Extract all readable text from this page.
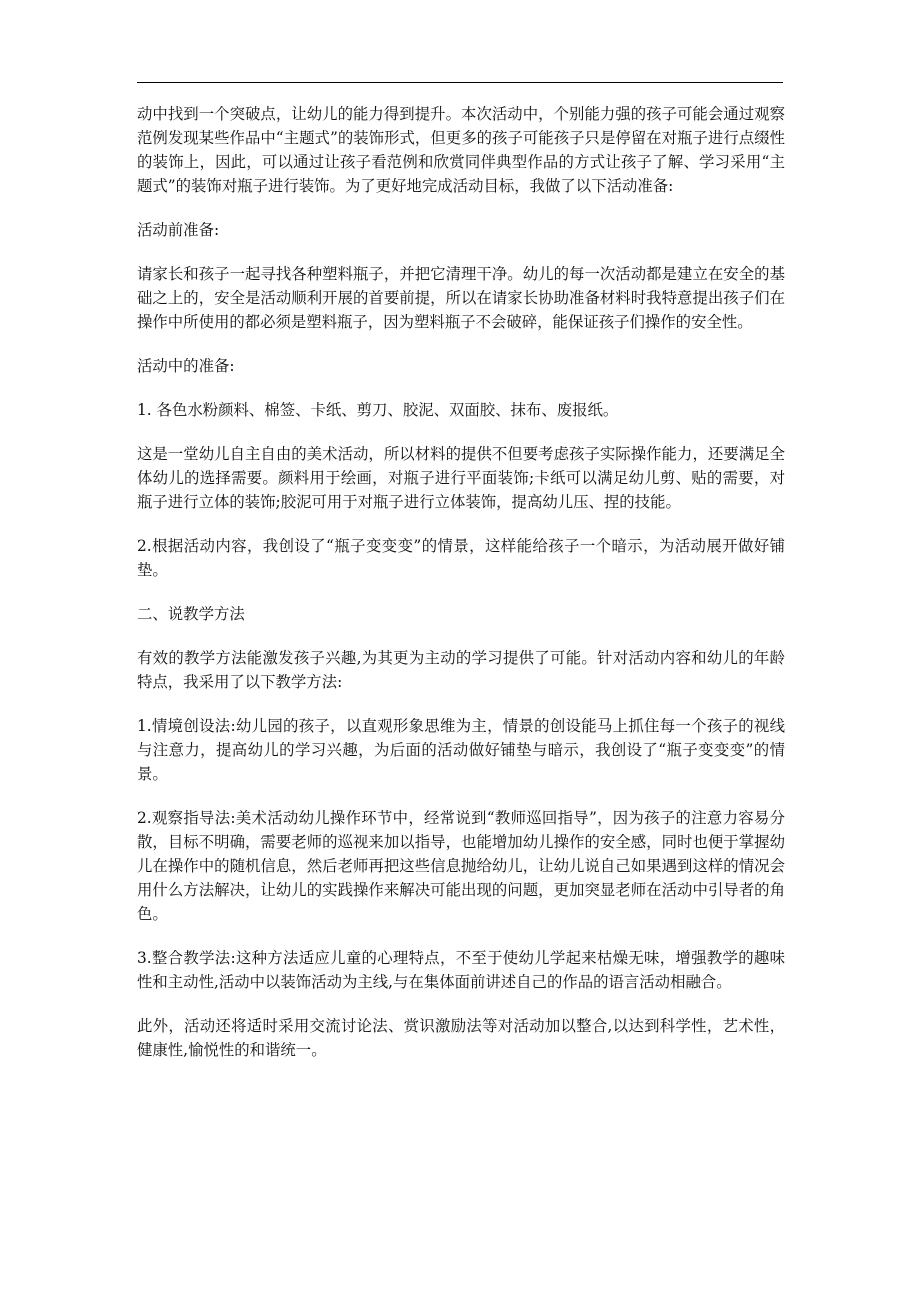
动中找到一个突破点，让幼儿的能力得到提升。本次活动中，个别能力强的孩子可能会通过观察范例发现某些作品中“主题式”的装饰形式，但更多的孩子可能孩子只是停留在对瓶子进行点缀性的装饰上，因此，可以通过让孩子看范例和欣赏同伴典型作品的方式让孩子了解、学习采用“主题式”的装饰对瓶子进行装饰。为了更好地完成活动目标，我做了以下活动准备:

活动前准备:

请家长和孩子一起寻找各种塑料瓶子，并把它清理干净。幼儿的每一次活动都是建立在安全的基础之上的，安全是活动顺利开展的首要前提，所以在请家长协助准备材料时我特意提出孩子们在操作中所使用的都必须是塑料瓶子，因为塑料瓶子不会破碎，能保证孩子们操作的安全性。

活动中的准备:

1. 各色水粉颜料、棉签、卡纸、剪刀、胶泥、双面胶、抹布、废报纸。

这是一堂幼儿自主自由的美术活动，所以材料的提供不但要考虑孩子实际操作能力，还要满足全体幼儿的选择需要。颜料用于绘画，对瓶子进行平面装饰;卡纸可以满足幼儿剪、贴的需要，对瓶子进行立体的装饰;胶泥可用于对瓶子进行立体装饰，提高幼儿压、捏的技能。

2.根据活动内容，我创设了“瓶子变变变”的情景，这样能给孩子一个暗示，为活动展开做好铺垫。

二、说教学方法

有效的教学方法能激发孩子兴趣,为其更为主动的学习提供了可能。针对活动内容和幼儿的年龄特点，我采用了以下教学方法:

1.情境创设法:幼儿园的孩子，以直观形象思维为主，情景的创设能马上抓住每一个孩子的视线与注意力，提高幼儿的学习兴趣，为后面的活动做好铺垫与暗示，我创设了“瓶子变变变”的情景。

2.观察指导法:美术活动幼儿操作环节中，经常说到“教师巡回指导”，因为孩子的注意力容易分散，目标不明确，需要老师的巡视来加以指导，也能增加幼儿操作的安全感，同时也便于掌握幼儿在操作中的随机信息，然后老师再把这些信息抛给幼儿，让幼儿说自己如果遇到这样的情况会用什么方法解决，让幼儿的实践操作来解决可能出现的问题，更加突显老师在活动中引导者的角色。

3.整合教学法:这种方法适应儿童的心理特点，不至于使幼儿学起来枯燥无味，增强教学的趣味性和主动性,活动中以装饰活动为主线,与在集体面前讲述自己的作品的语言活动相融合。

此外，活动还将适时采用交流讨论法、赏识激励法等对活动加以整合,以达到科学性，艺术性，健康性,愉悦性的和谐统一。
